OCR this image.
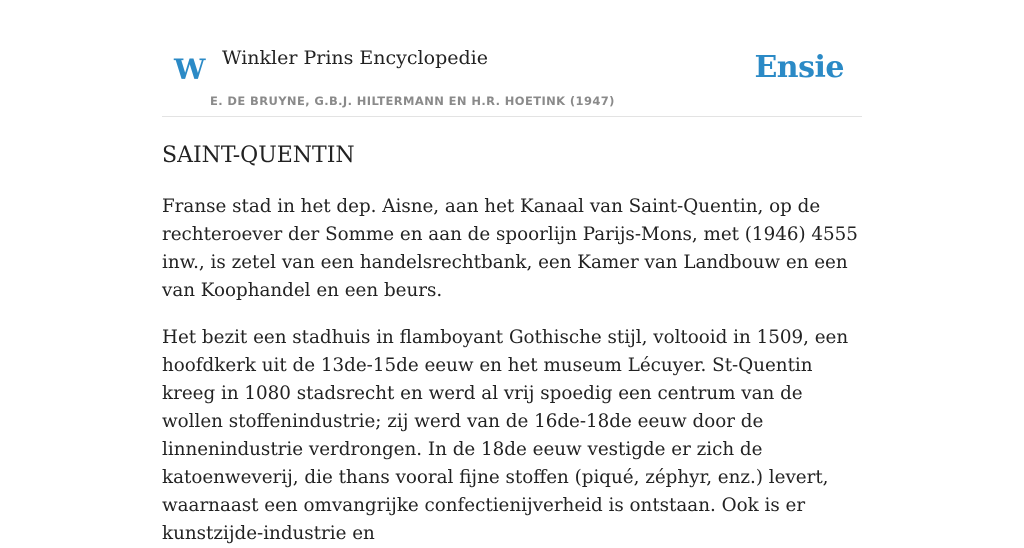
W Winkler Prins Encyclopedie
E. DE BRUYNE, G.B.J. HILTERMANN EN H.R. HOETINK (1947)
Ensie
SAINT-QUENTIN

Franse stad in het dep. Aisne, aan het Kanaal van Saint-Quentin, op de rechteroever der Somme en aan de spoorlijn Parijs-Mons, met (1946) 4555 inw., is zetel van een handelsrechtbank, een Kamer van Landbouw en een van Koophandel en een beurs.

Het bezit een stadhuis in flamboyant Gothische stijl, voltooid in 1509, een hoofdkerk uit de 13de-15de eeuw en het museum Lécuyer. St-Quentin kreeg in 1080 stadsrecht en werd al vrij spoedig een centrum van de wollen stoffenindustrie; zij werd van de 16de-18de eeuw door de linnenindustrie verdrongen. In de 18de eeuw vestigde er zich de katoenweverij, die thans vooral fijne stoffen (piqué, zéphyr, enz.) levert, waarnaast een omvangrijke confectienijverheid is ontstaan. Ook is er kunstzijde-industrie en
